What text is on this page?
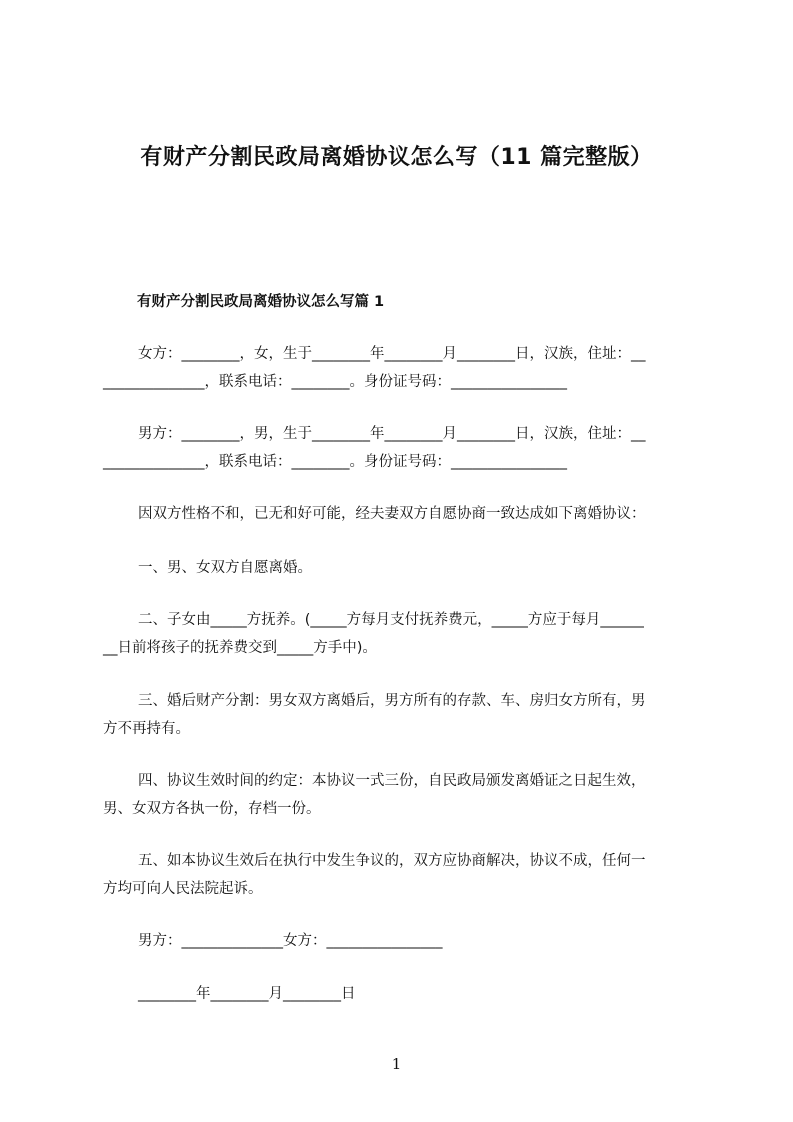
有财产分割民政局离婚协议怎么写（11 篇完整版）
有财产分割民政局离婚协议怎么写篇 1
女方：________，女，生于________年________月________日，汉族，住址：__
______________，联系电话：________。身份证号码：________________
男方：________，男，生于________年________月________日，汉族，住址：__
______________，联系电话：________。身份证号码：________________
因双方性格不和，已无和好可能，经夫妻双方自愿协商一致达成如下离婚协议：
一、男、女双方自愿离婚。
二、子女由_____方抚养。(_____方每月支付抚养费元，_____方应于每月______
__日前将孩子的抚养费交到_____方手中)。
三、婚后财产分割：男女双方离婚后，男方所有的存款、车、房归女方所有，男
方不再持有。
四、协议生效时间的约定：本协议一式三份，自民政局颁发离婚证之日起生效，
男、女双方各执一份，存档一份。
五、如本协议生效后在执行中发生争议的，双方应协商解决，协议不成，任何一
方均可向人民法院起诉。
男方：______________女方：________________
________年________月________日
1
